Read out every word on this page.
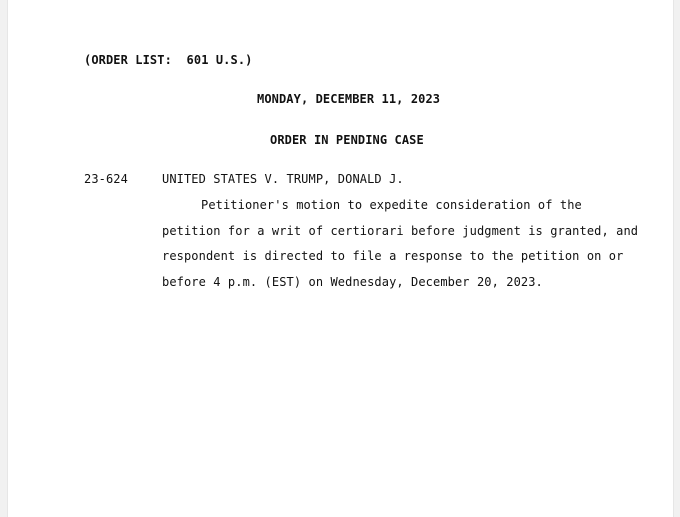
(ORDER LIST:  601 U.S.)
MONDAY, DECEMBER 11, 2023
ORDER IN PENDING CASE
23-624	UNITED STATES V. TRUMP, DONALD J.
Petitioner's motion to expedite consideration of the
petition for a writ of certiorari before judgment is granted, and
respondent is directed to file a response to the petition on or
before 4 p.m. (EST) on Wednesday, December 20, 2023.
